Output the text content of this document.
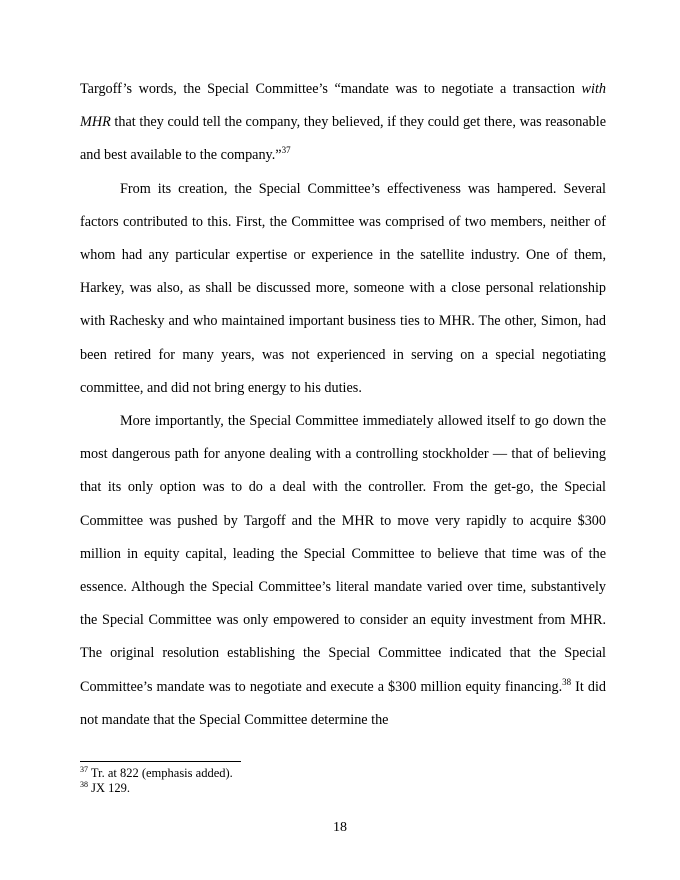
Targoff’s words, the Special Committee’s “mandate was to negotiate a transaction with MHR that they could tell the company, they believed, if they could get there, was reasonable and best available to the company.”$^{37}$

From its creation, the Special Committee’s effectiveness was hampered. Several factors contributed to this. First, the Committee was comprised of two members, neither of whom had any particular expertise or experience in the satellite industry. One of them, Harkey, was also, as shall be discussed more, someone with a close personal relationship with Rachesky and who maintained important business ties to MHR. The other, Simon, had been retired for many years, was not experienced in serving on a special negotiating committee, and did not bring energy to his duties.

More importantly, the Special Committee immediately allowed itself to go down the most dangerous path for anyone dealing with a controlling stockholder — that of believing that its only option was to do a deal with the controller. From the get-go, the Special Committee was pushed by Targoff and the MHR to move very rapidly to acquire $300 million in equity capital, leading the Special Committee to believe that time was of the essence. Although the Special Committee’s literal mandate varied over time, substantively the Special Committee was only empowered to consider an equity investment from MHR. The original resolution establishing the Special Committee indicated that the Special Committee’s mandate was to negotiate and execute a $300 million equity financing.$^{38}$ It did not mandate that the Special Committee determine the

$^{37}$ Tr. at 822 (emphasis added).

$^{38}$ JX 129.

18
